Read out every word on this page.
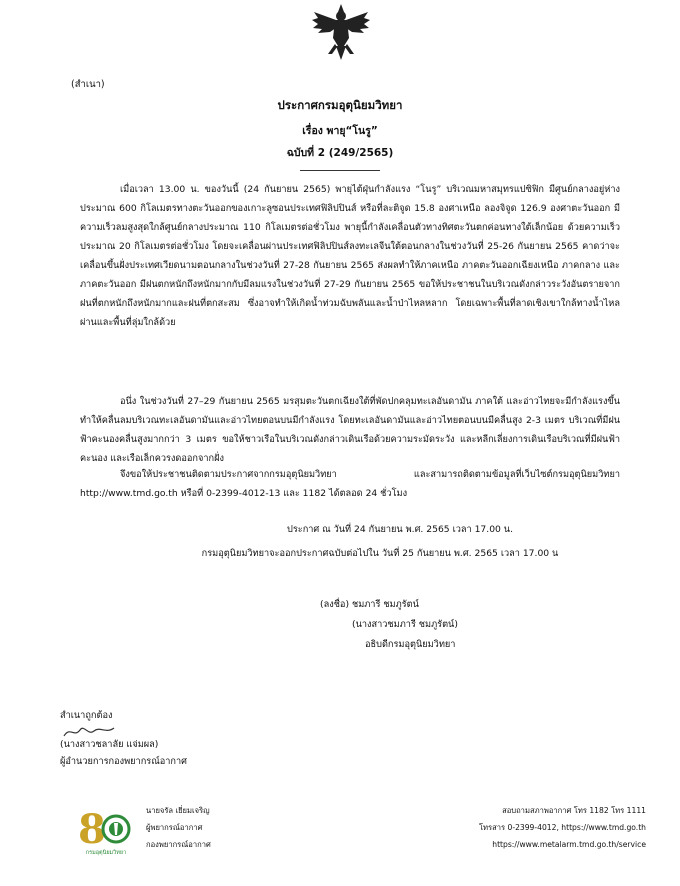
(สำเนา)
ประกาศกรมอุตุนิยมวิทยา
เรื่อง พายุ“โนรู”
ฉบับที่ 2 (249/2565)
เมื่อเวลา 13.00 น. ของวันนี้ (24 กันยายน 2565) พายุไต้ฝุ่นกำลังแรง “โนรู” บริเวณมหาสมุทรแปซิฟิก มีศูนย์กลางอยู่ห่างประมาณ 600 กิโลเมตรทางตะวันออกของเกาะลูซอนประเทศฟิลิปปินส์ หรือที่ละติจูด 15.8 องศาเหนือ ลองจิจูด 126.9 องศาตะวันออก มีความเร็วลมสูงสุดใกล้ศูนย์กลางประมาณ 110 กิโลเมตรต่อชั่วโมง พายุนี้กำลังเคลื่อนตัวทางทิศตะวันตกค่อนทางใต้เล็กน้อย ด้วยความเร็วประมาณ 20 กิโลเมตรต่อชั่วโมง โดยจะเคลื่อนผ่านประเทศฟิลิปปินส์ลงทะเลจีนใต้ตอนกลางในช่วงวันที่ 25-26 กันยายน 2565 คาดว่าจะเคลื่อนขึ้นฝั่งประเทศเวียดนามตอนกลางในช่วงวันที่ 27-28 กันยายน 2565 ส่งผลทำให้ภาคเหนือ ภาคตะวันออกเฉียงเหนือ ภาคกลาง และภาคตะวันออก มีฝนตกหนักถึงหนักมากกับมีลมแรงในช่วงวันที่ 27-29 กันยายน 2565 ขอให้ประชาชนในบริเวณดังกล่าวระวังอันตรายจากฝนที่ตกหนักถึงหนักมากและฝนที่ตกสะสม ซึ่งอาจทำให้เกิดน้ำท่วมฉับพลันและน้ำป่าไหลหลาก โดยเฉพาะพื้นที่ลาดเชิงเขาใกล้ทางน้ำไหลผ่านและพื้นที่ลุ่มใกล้ด้วย
อนึ่ง ในช่วงวันที่ 27–29 กันยายน 2565 มรสุมตะวันตกเฉียงใต้ที่พัดปกคลุมทะเลอันดามัน ภาคใต้ และอ่าวไทยจะมีกำลังแรงขึ้น ทำให้คลื่นลมบริเวณทะเลอันดามันและอ่าวไทยตอนบนมีกำลังแรง โดยทะเลอันดามันและอ่าวไทยตอนบนมีคลื่นสูง 2-3 เมตร บริเวณที่มีฝนฟ้าคะนองคลื่นสูงมากกว่า 3 เมตร ขอให้ชาวเรือในบริเวณดังกล่าวเดินเรือด้วยความระมัดระวัง และหลีกเลี่ยงการเดินเรือบริเวณที่มีฝนฟ้าคะนอง และเรือเล็กควรงดออกจากฝั่ง
จึงขอให้ประชาชนติดตามประกาศจากกรมอุตุนิยมวิทยา และสามารถติดตามข้อมูลที่เว็บไซต์กรมอุตุนิยมวิทยา http://www.tmd.go.th หรือที่ 0-2399-4012-13 และ 1182 ได้ตลอด 24 ชั่วโมง
ประกาศ ณ วันที่ 24 กันยายน พ.ศ. 2565 เวลา 17.00 น.
กรมอุตุนิยมวิทยาจะออกประกาศฉบับต่อไปใน วันที่ 25 กันยายน พ.ศ. 2565 เวลา 17.00 น
(ลงชื่อ) ชมภารี ชมภูรัตน์
(นางสาวชมภารี ชมภูรัตน์)
อธิบดีกรมอุตุนิยมวิทยา
สำเนาถูกต้อง
(นางสาวชลาลัย แจ่มผล)
ผู้อำนวยการกองพยากรณ์อากาศ
8
กรมอุตุนิยมวิทยา
นายจรัล เยี่ยมเจริญ
ผู้พยากรณ์อากาศ
กองพยากรณ์อากาศ
สอบถามสภาพอากาศ โทร 1182 โทร 1111
โทรสาร 0-2399-4012, https://www.tmd.go.th
https://www.metalarm.tmd.go.th/service
